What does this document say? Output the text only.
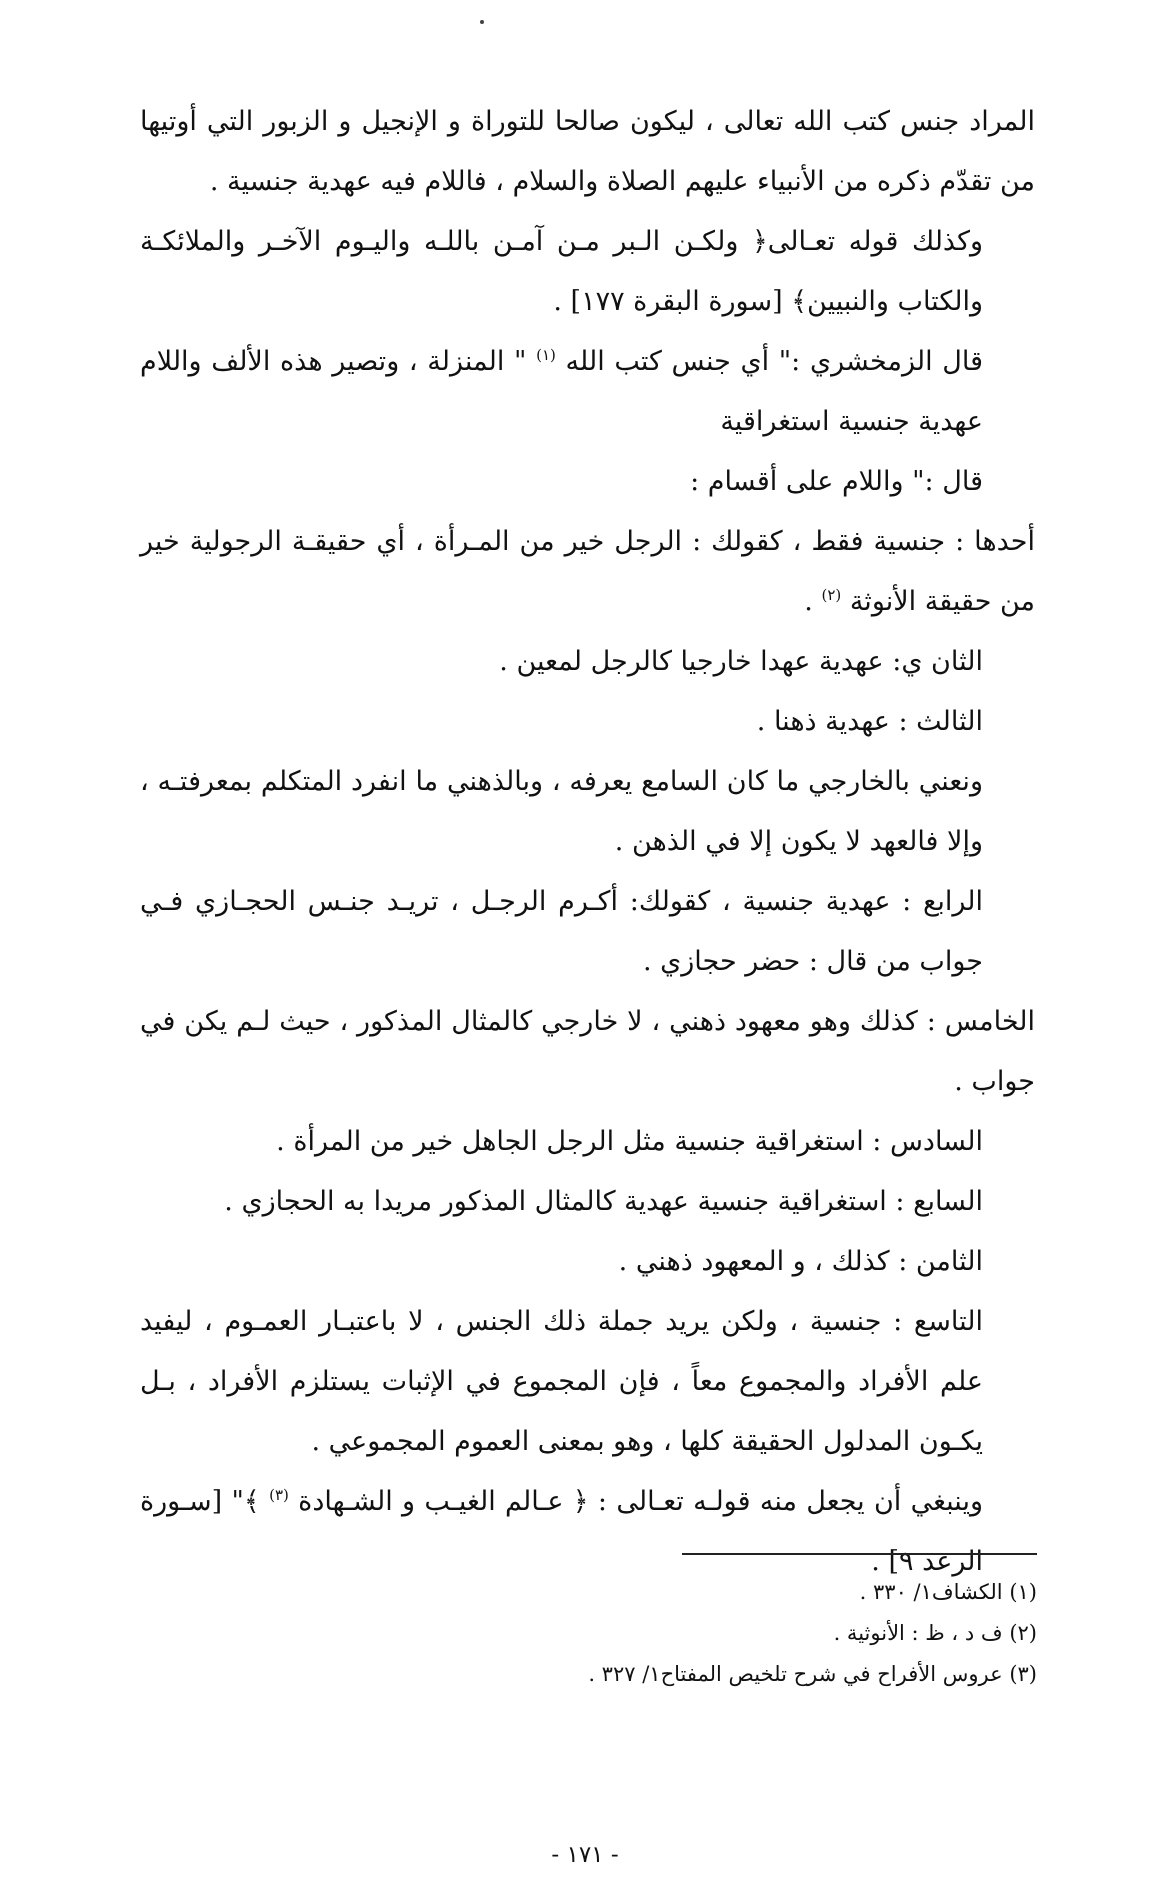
المراد جنس كتب الله تعالى ، ليكون صالحا للتوراة و الإنجيل و الزبور التي أوتيها من تقدّم ذكره من الأنبياء عليهم الصلاة والسلام ، فاللام فيه عهدية جنسية .

وكذلك قوله تعـالى﴿ ولكـن الـبر مـن آمـن باللـه واليـوم الآخـر والملائكـة والكتاب والنبيين﴾ [سورة البقرة ١٧٧] .

قال الزمخشري :" أي جنس كتب الله $^{(١)}$ " المنزلة ، وتصير هذه الألف واللام عهدية جنسية استغراقية

قال :" واللام على أقسام :

أحدها : جنسية فقط ، كقولك : الرجل خير من المـرأة ، أي حقيقـة الرجولية خير من حقيقة الأنوثة $^{(٢)}$ .

الثان ي: عهدية عهدا خارجيا كالرجل لمعين .

الثالث : عهدية ذهنا .

ونعني بالخارجي ما كان السامع يعرفه ، وبالذهني ما انفرد المتكلم بمعرفتـه ، وإلا فالعهد لا يكون إلا في الذهن .

الرابع : عهدية جنسية ، كقولك: أكـرم الرجـل ، تريـد جنـس الحجـازي فـي جواب من قال : حضر حجازي .

الخامس : كذلك وهو معهود ذهني ، لا خارجي كالمثال المذكور ، حيث لـم يكن في جواب .

السادس : استغراقية جنسية مثل الرجل الجاهل خير من المرأة .

السابع : استغراقية جنسية عهدية كالمثال المذكور مريدا به الحجازي .

الثامن : كذلك ، و المعهود ذهني .

التاسع : جنسية ، ولكن يريد جملة ذلك الجنس ، لا باعتبـار العمـوم ، ليفيد علم الأفراد والمجموع معاً ، فإن المجموع في الإثبات يستلزم الأفراد ، بـل يكـون المدلول الحقيقة كلها ، وهو بمعنى العموم المجموعي .

وينبغي أن يجعل منه قولـه تعـالى : ﴿ عـالم الغيـب و الشـهادة $^{(٣)}$ ﴾" [سـورة الرعد ٩] .

(١) الكشاف١/ ٣٣٠ .

(٢) ف د ، ظ : الأنوثية .

(٣) عروس الأفراح في شرح تلخيص المفتاح١/ ٣٢٧ .

- ١٧١ -
